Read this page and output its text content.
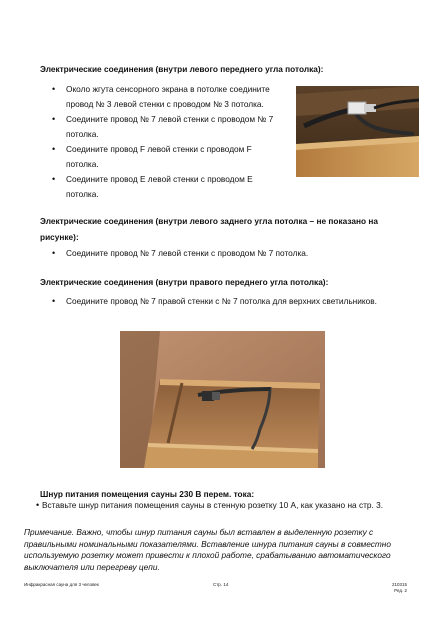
Электрические соединения (внутри левого переднего угла потолка):
• Около жгута сенсорного экрана в потолке соедините
провод № 3 левой стенки с проводом № 3 потолка.
• Соедините провод № 7 левой стенки с проводом № 7
потолка.
• Соедините провод F левой стенки с проводом F
потолка.
• Соедините провод E левой стенки с проводом E
потолка.
Электрические соединения (внутри левого заднего угла потолка – не показано на
рисунке):
• Соедините провод № 7 левой стенки с проводом № 7 потолка.
Электрические соединения (внутри правого переднего угла потолка):
• Соедините провод № 7 правой стенки с № 7 потолка для верхних светильников.
Шнур питания помещения сауны 230 В перем. тока:
• Вставьте шнур питания помещения сауны в стенную розетку 10 А, как указано на стр. 3.
Примечание. Важно, чтобы шнур питания сауны был вставлен в выделенную розетку с
правильными номинальными показателями. Вставление шнура питания сауны в совместно
используемую розетку может привести к плохой работе, срабатыванию автоматического
выключателя или перегреву цепи.
Инфракрасная сауна для 3 человек	Стр. 14	210315
Ред. 2
